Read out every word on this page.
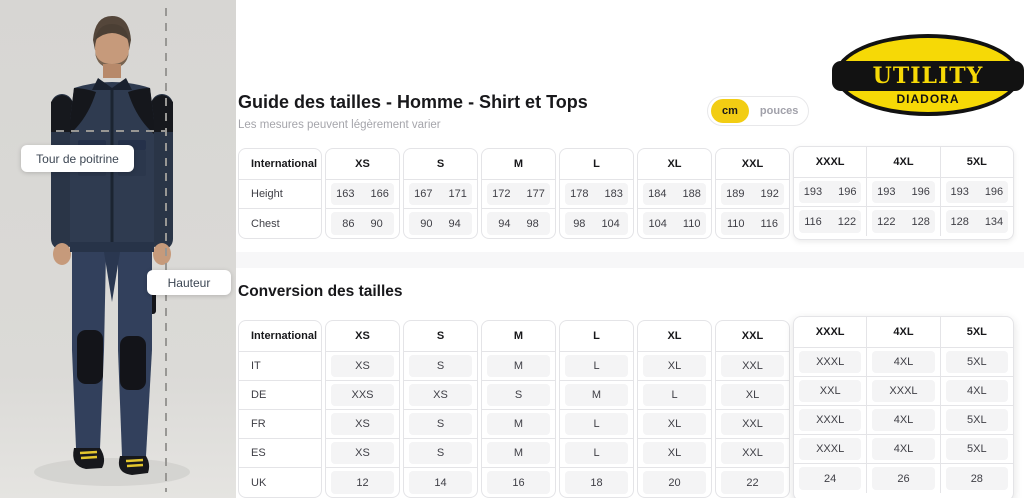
Tour de poitrine
Hauteur
Guide des tailles - Homme - Shirt et Tops
Les mesures peuvent légèrement varier
cm	pouces
UTILITY
DIADORA
International
Height
Chest
XS
163 166
86 90
S
167 171
90 94
M
172 177
94 98
L
178 183
98 104
XL
184 188
104 110
XXL
189 192
110 116
XXXL
193 196
116 122
4XL
193 196
122 128
5XL
193 196
128 134
Conversion des tailles
International
IT
DE
FR
ES
UK
XS
XS
XXS
XS
XS
12
S
S
XS
S
S
14
M
M
S
M
M
16
L
L
M
L
L
18
XL
XL
L
XL
XL
20
XXL
XXL
XL
XXL
XXL
22
XXXL
XXXL
XXL
XXXL
XXXL
24
4XL
4XL
XXXL
4XL
4XL
26
5XL
5XL
4XL
5XL
5XL
28
